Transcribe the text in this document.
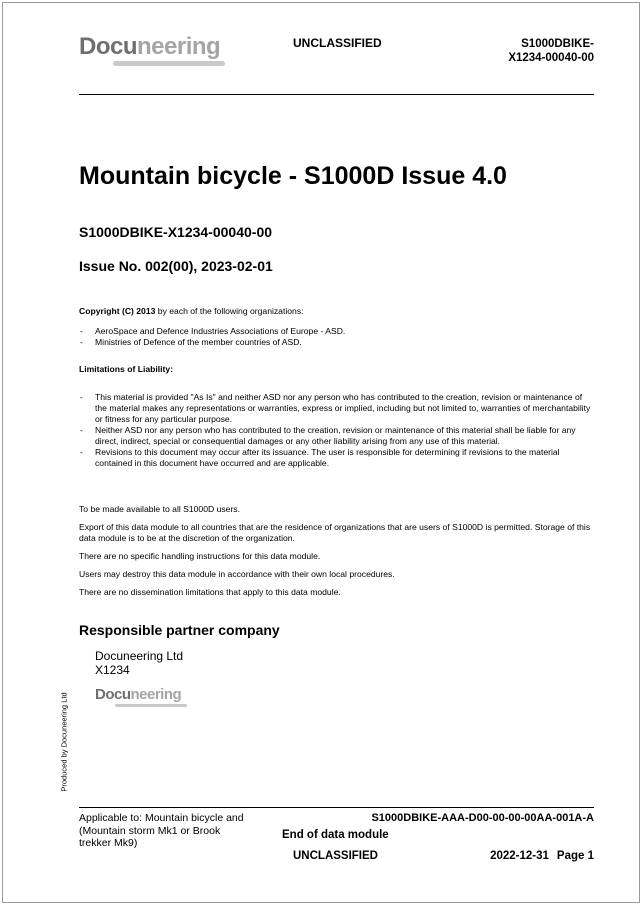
Docuneering	UNCLASSIFIED	S1000DBIKE-
X1234-00040-00
Mountain bicycle - S1000D Issue 4.0
S1000DBIKE-X1234-00040-00
Issue No. 002(00), 2023-02-01
Copyright (C) 2013 by each of the following organizations:
- AeroSpace and Defence Industries Associations of Europe - ASD.
- Ministries of Defence of the member countries of ASD.
Limitations of Liability:
- This material is provided "As Is" and neither ASD nor any person who has contributed to the creation, revision or maintenance of the material makes any representations or warranties, express or implied, including but not limited to, warranties of merchantability or fitness for any particular purpose.
- Neither ASD nor any person who has contributed to the creation, revision or maintenance of this material shall be liable for any direct, indirect, special or consequential damages or any other liability arising from any use of this material.
- Revisions to this document may occur after its issuance. The user is responsible for determining if revisions to the material contained in this document have occurred and are applicable.
To be made available to all S1000D users.
Export of this data module to all countries that are the residence of organizations that are users of S1000D is permitted. Storage of this data module is to be at the discretion of the organization.
There are no specific handling instructions for this data module.
Users may destroy this data module in accordance with their own local procedures.
There are no dissemination limitations that apply to this data module.
Responsible partner company
Docuneering Ltd
X1234
Docuneering
Produced by Docuneering Ltd
Applicable to: Mountain bicycle and (Mountain storm Mk1 or Brook trekker Mk9)
S1000DBIKE-AAA-D00-00-00-00AA-001A-A
End of data module
UNCLASSIFIED	2022-12-31 Page 1
